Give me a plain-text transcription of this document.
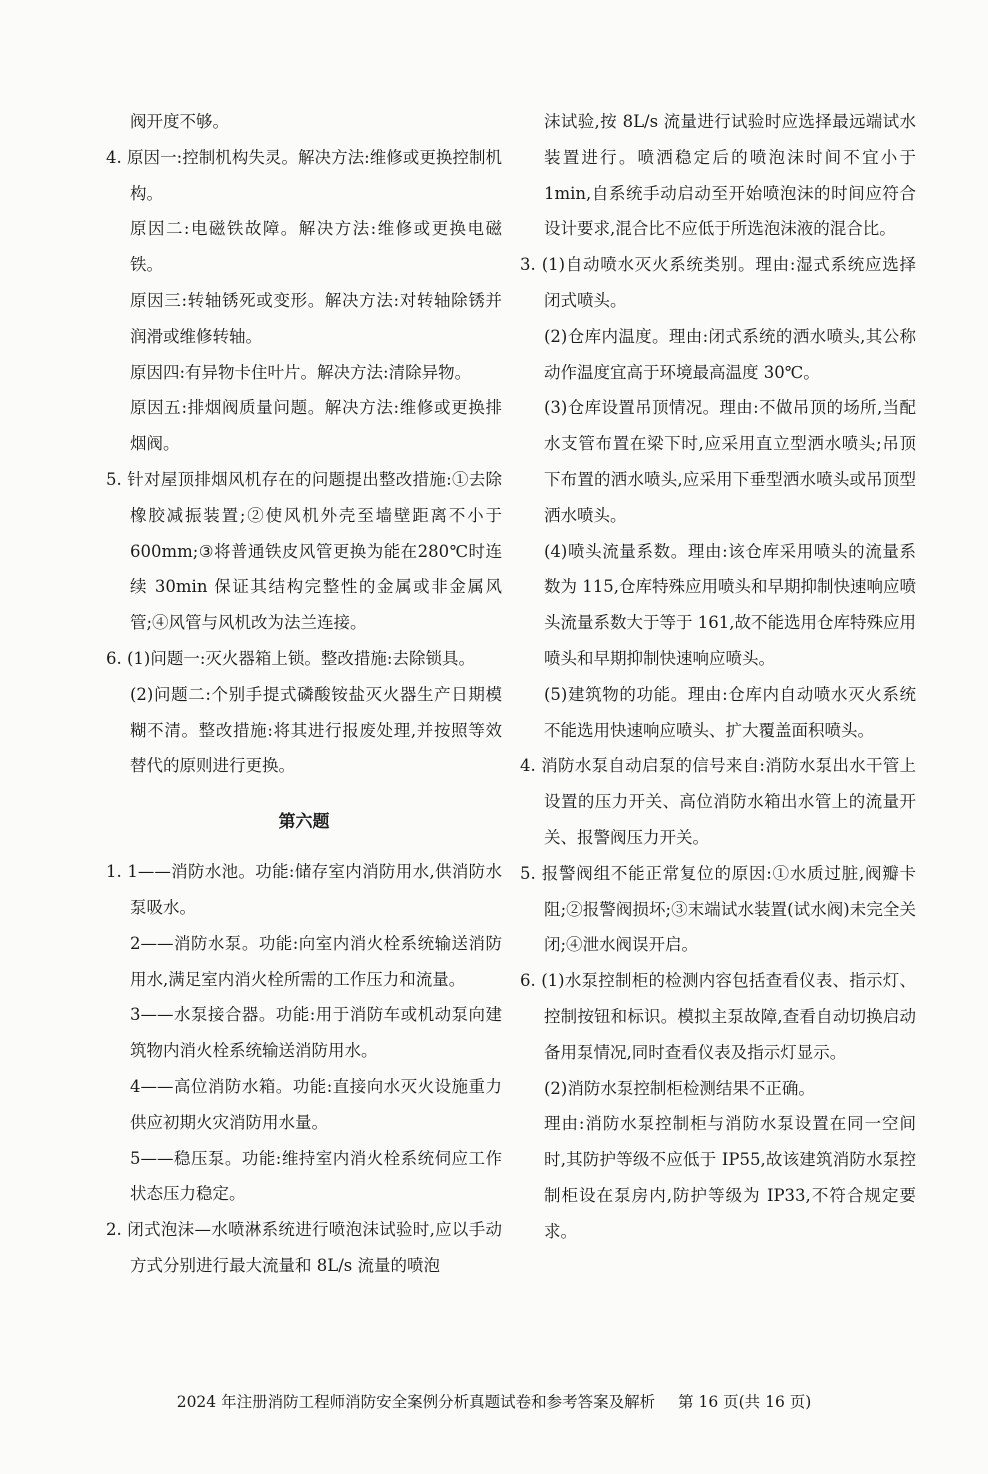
阀开度不够。

4. 原因一:控制机构失灵。解决方法:维修或更换控制机构。

原因二:电磁铁故障。解决方法:维修或更换电磁铁。

原因三:转轴锈死或变形。解决方法:对转轴除锈并润滑或维修转轴。

原因四:有异物卡住叶片。解决方法:清除异物。

原因五:排烟阀质量问题。解决方法:维修或更换排烟阀。

5. 针对屋顶排烟风机存在的问题提出整改措施:①去除橡胶减振装置;②使风机外壳至墙壁距离不小于 600mm;③将普通铁皮风管更换为能在280℃时连续 30min 保证其结构完整性的金属或非金属风管;④风管与风机改为法兰连接。

6. (1)问题一:灭火器箱上锁。整改措施:去除锁具。

(2)问题二:个别手提式磷酸铵盐灭火器生产日期模糊不清。整改措施:将其进行报废处理,并按照等效替代的原则进行更换。

第六题

1. 1——消防水池。功能:储存室内消防用水,供消防水泵吸水。

2——消防水泵。功能:向室内消火栓系统输送消防用水,满足室内消火栓所需的工作压力和流量。

3——水泵接合器。功能:用于消防车或机动泵向建筑物内消火栓系统输送消防用水。

4——高位消防水箱。功能:直接向水灭火设施重力供应初期火灾消防用水量。

5——稳压泵。功能:维持室内消火栓系统伺应工作状态压力稳定。

2. 闭式泡沫—水喷淋系统进行喷泡沫试验时,应以手动方式分别进行最大流量和 8L/s 流量的喷泡

沫试验,按 8L/s 流量进行试验时应选择最远端试水装置进行。喷洒稳定后的喷泡沫时间不宜小于1min,自系统手动启动至开始喷泡沫的时间应符合设计要求,混合比不应低于所选泡沫液的混合比。

3. (1)自动喷水灭火系统类别。理由:湿式系统应选择闭式喷头。

(2)仓库内温度。理由:闭式系统的洒水喷头,其公称动作温度宜高于环境最高温度 30℃。

(3)仓库设置吊顶情况。理由:不做吊顶的场所,当配水支管布置在梁下时,应采用直立型洒水喷头;吊顶下布置的洒水喷头,应采用下垂型洒水喷头或吊顶型洒水喷头。

(4)喷头流量系数。理由:该仓库采用喷头的流量系数为 115,仓库特殊应用喷头和早期抑制快速响应喷头流量系数大于等于 161,故不能选用仓库特殊应用喷头和早期抑制快速响应喷头。

(5)建筑物的功能。理由:仓库内自动喷水灭火系统不能选用快速响应喷头、扩大覆盖面积喷头。

4. 消防水泵自动启泵的信号来自:消防水泵出水干管上设置的压力开关、高位消防水箱出水管上的流量开关、报警阀压力开关。

5. 报警阀组不能正常复位的原因:①水质过脏,阀瓣卡阻;②报警阀损坏;③末端试水装置(试水阀)未完全关闭;④泄水阀误开启。

6. (1)水泵控制柜的检测内容包括查看仪表、指示灯、控制按钮和标识。模拟主泵故障,查看自动切换启动备用泵情况,同时查看仪表及指示灯显示。

(2)消防水泵控制柜检测结果不正确。

理由:消防水泵控制柜与消防水泵设置在同一空间时,其防护等级不应低于 IP55,故该建筑消防水泵控制柜设在泵房内,防护等级为 IP33,不符合规定要求。

2024 年注册消防工程师消防安全案例分析真题试卷和参考答案及解析 第 16 页(共 16 页)
